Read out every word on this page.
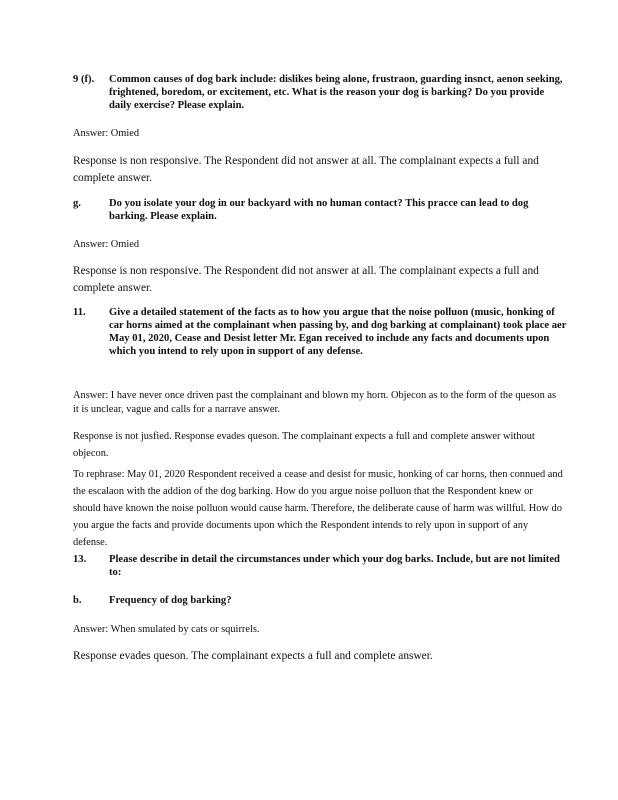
9 (f). Common causes of dog bark include: dislikes being alone, frustraon, guarding insnct, aenon seeking, frightened, boredom, or excitement, etc. What is the reason your dog is barking? Do you provide daily exercise? Please explain.
Answer: Omied
Response is non responsive. The Respondent did not answer at all. The complainant expects a full and complete answer.
g.	Do you isolate your dog in our backyard with no human contact? This pracce can lead to dog barking. Please explain.
Answer: Omied
Response is non responsive. The Respondent did not answer at all. The complainant expects a full and complete answer.
11. Give a detailed statement of the facts as to how you argue that the noise polluon (music, honking of car horns aimed at the complainant when passing by, and dog barking at complainant) took place aer May 01, 2020, Cease and Desist letter Mr. Egan received to include any facts and documents upon which you intend to rely upon in support of any defense.
Answer: I have never once driven past the complainant and blown my horn. Objecon as to the form of the queson as it is unclear, vague and calls for a narrave answer.
Response is not jusfied. Response evades queson. The complainant expects a full and complete answer without objecon.
To rephrase: May 01, 2020 Respondent received a cease and desist for music, honking of car horns, then connued and the escalaon with the addion of the dog barking. How do you argue noise polluon that the Respondent knew or should have known the noise polluon would cause harm. Therefore, the deliberate cause of harm was willful. How do you argue the facts and provide documents upon which the Respondent intends to rely upon in support of any defense.
13. Please describe in detail the circumstances under which your dog barks. Include, but are not limited to:
b.	Frequency of dog barking?
Answer: When smulated by cats or squirrels.
Response evades queson. The complainant expects a full and complete answer.
